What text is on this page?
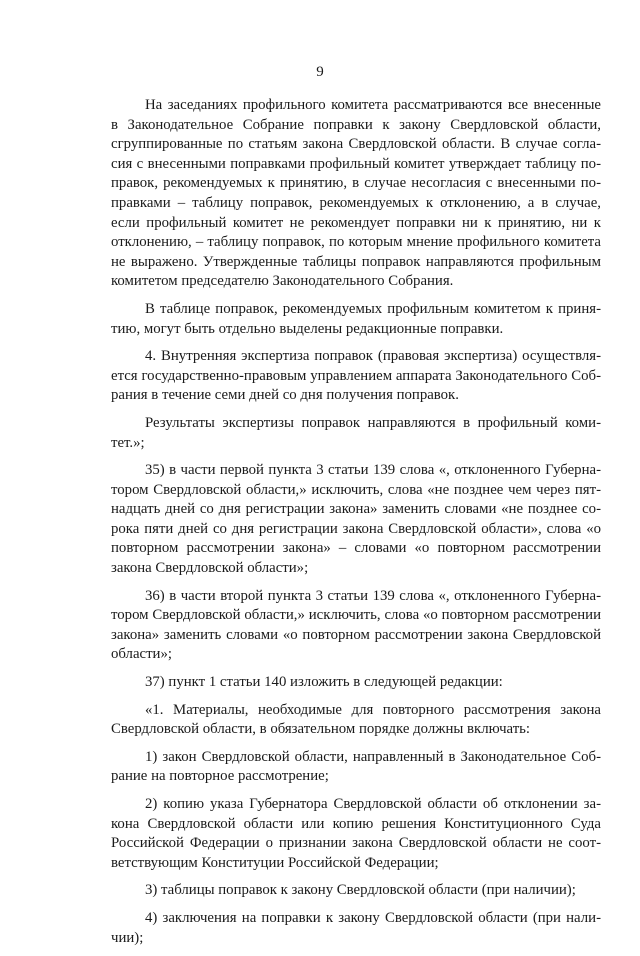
9

На заседаниях профильного комитета рассматриваются все внесенные в Законодательное Собрание поправки к закону Свердловской области, сгруппированные по статьям закона Свердловской области. В случае согласия с внесенными поправками профильный комитет утверждает таблицу поправок, рекомендуемых к принятию, в случае несогласия с внесенными поправками – таблицу поправок, рекомендуемых к отклонению, а в случае, если профильный комитет не рекомендует поправки ни к принятию, ни к отклонению, – таблицу поправок, по которым мнение профильного комитета не выражено. Утвержденные таблицы поправок направляются профильным комитетом председателю Законодательного Собрания.

В таблице поправок, рекомендуемых профильным комитетом к принятию, могут быть отдельно выделены редакционные поправки.

4. Внутренняя экспертиза поправок (правовая экспертиза) осуществляется государственно-правовым управлением аппарата Законодательного Собрания в течение семи дней со дня получения поправок.

Результаты экспертизы поправок направляются в профильный комитет.»;

35) в части первой пункта 3 статьи 139 слова «, отклоненного Губернатором Свердловской области,» исключить, слова «не позднее чем через пятнадцать дней со дня регистрации закона» заменить словами «не позднее сорока пяти дней со дня регистрации закона Свердловской области», слова «о повторном рассмотрении закона» – словами «о повторном рассмотрении закона Свердловской области»;

36) в части второй пункта 3 статьи 139 слова «, отклоненного Губернатором Свердловской области,» исключить, слова «о повторном рассмотрении закона» заменить словами «о повторном рассмотрении закона Свердловской области»;

37) пункт 1 статьи 140 изложить в следующей редакции:

«1. Материалы, необходимые для повторного рассмотрения закона Свердловской области, в обязательном порядке должны включать:

1) закон Свердловской области, направленный в Законодательное Собрание на повторное рассмотрение;

2) копию указа Губернатора Свердловской области об отклонении закона Свердловской области или копию решения Конституционного Суда Российской Федерации о признании закона Свердловской области не соответствующим Конституции Российской Федерации;

3) таблицы поправок к закону Свердловской области (при наличии);

4) заключения на поправки к закону Свердловской области (при наличии);
